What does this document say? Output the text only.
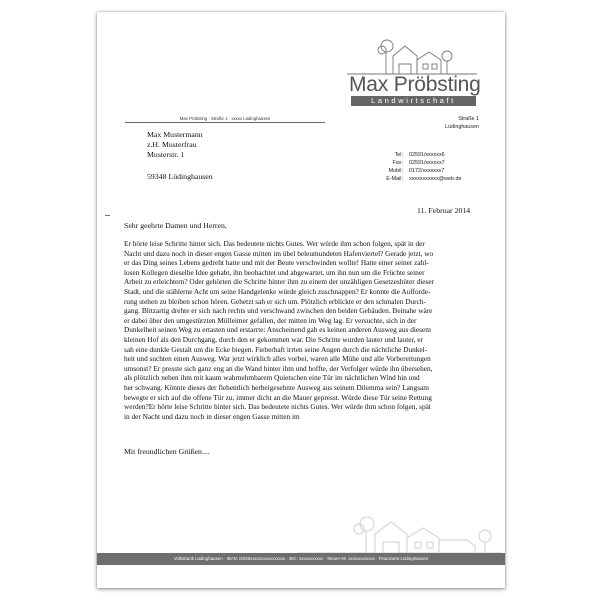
Max Pröbsting
Landwirtschaft
Max Pröbsting · Straße 1 · xxxxx Lüdinghausen
Max Mustermann
z.H. Musterfrau
Musterstr. 1
59348 Lüdinghausen
Straße 1
Lüdinghausen
Tel: 02591/xxxxxx6
Fax: 02591/xxxxxx7
Mobil: 0172/xxxxxxx7
E-Mail: xxxxxxxxxxx@web.de
11. Februar 2014
Sehr geehrte Damen und Herren,
Er hörte leise Schritte hinter sich. Das bedeutete nichts Gutes. Wer würde ihm schon folgen, spät in der
Nacht und dazu noch in dieser engen Gasse mitten im übel beleumundeten Hafenviertel? Gerade jetzt, wo
er das Ding seines Lebens gedreht hatte und mit der Beute verschwinden wollte! Hatte einer seiner zahl-
losen Kollegen dieselbe Idee gehabt, ihn beobachtet und abgewartet, um ihn nun um die Früchte seiner
Arbeit zu erleichtern? Oder gehörten die Schritte hinter ihm zu einem der unzähligen Gesetzeshüter dieser
Stadt, und die stählerne Acht um seine Handgelenke würde gleich zuschnappen? Er konnte die Aufforde-
rung stehen zu bleiben schon hören. Gehetzt sah er sich um. Plötzlich erblickte er den schmalen Durch-
gang. Blitzartig drehte er sich nach rechts und verschwand zwischen den beiden Gebäuden. Beinahe wäre
er dabei über den umgestürzten Mülleimer gefallen, der mitten im Weg lag. Er versuchte, sich in der
Dunkelheit seinen Weg zu ertasten und erstarrte: Anscheinend gab es keinen anderen Ausweg aus diesem
kleinen Hof als den Durchgang, durch den er gekommen war. Die Schritte wurden lauter und lauter, er
sah eine dunkle Gestalt um die Ecke biegen. Fieberhaft irrten seine Augen durch die nächtliche Dunkel-
heit und suchten einen Ausweg. War jetzt wirklich alles vorbei, waren alle Mühe und alle Vorbereitungen
umsonst? Er presste sich ganz eng an die Wand hinter ihm und hoffte, der Verfolger würde ihn übersehen,
als plötzlich neben ihm mit kaum wahrnehmbarem Quietschen eine Tür im nächtlichen Wind hin und
her schwang. Könnte dieses der flehentlich herbeigesehnte Ausweg aus seinem Dilemma sein? Langsam
bewegte er sich auf die offene Tür zu, immer dicht an die Mauer gepresst. Würde diese Tür seine Rettung
werden?Er hörte leise Schritte hinter sich. Das bedeutete nichts Gutes. Wer würde ihm schon folgen, spät
in der Nacht und dazu noch in dieser engen Gasse mitten im
Mit freundlichen Grüßen....
Volksbank Lüdinghausen · IBAN: DE55xxxxxxxxxxxxxxxx · BIC: xxxxxxxxxxx · Steuer-Nr. xxx/xxxx/xxxx · Finanzamt Lüdinghausen
